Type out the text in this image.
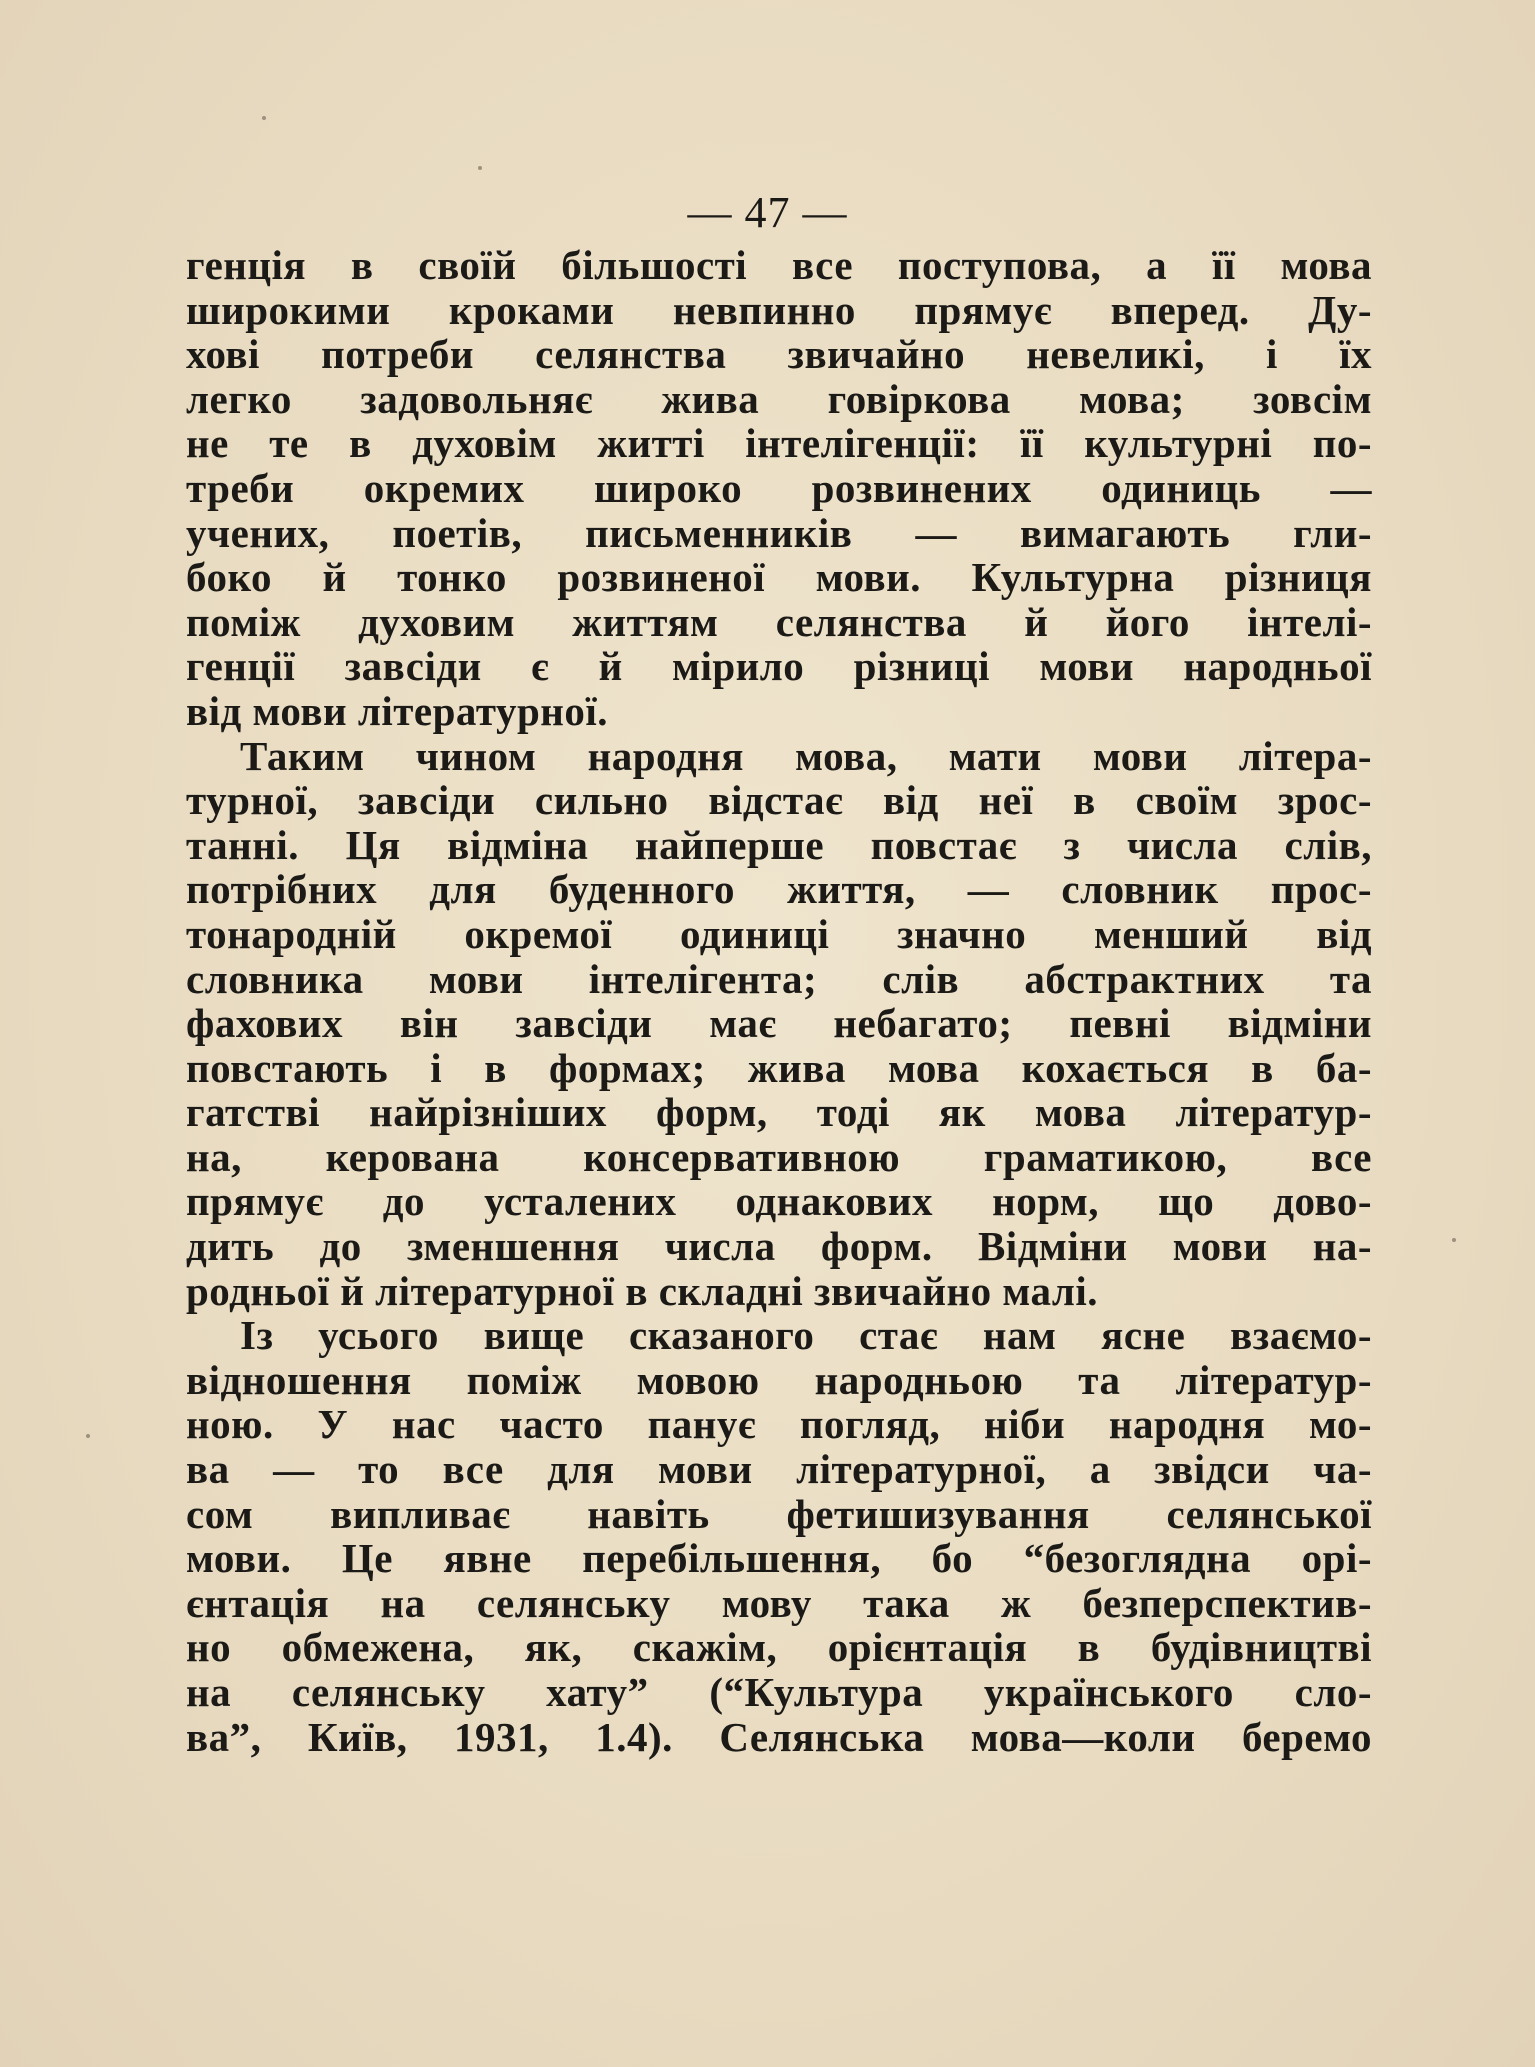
— 47 —
генція в своїй більшості все поступова, а її мова
широкими кроками невпинно прямує вперед. Ду-
хові потреби селянства звичайно невеликі, і їх
легко задовольняє жива говіркова мова; зовсім
не те в духовім житті інтелігенції: її культурні по-
треби окремих широко розвинених одиниць —
учених, поетів, письменників — вимагають гли-
боко й тонко розвиненої мови. Культурна різниця
поміж духовим життям селянства й його інтелі-
генції завсіди є й мірило різниці мови народньої
від мови літературної.
Таким чином народня мова, мати мови літера-
турної, завсіди сильно відстає від неї в своїм зрос-
танні. Ця відміна найперше повстає з числа слів,
потрібних для буденного життя, — словник прос-
тонародній окремої одиниці значно менший від
словника мови інтелігента; слів абстрактних та
фахових він завсіди має небагато; певні відміни
повстають і в формах; жива мова кохається в ба-
гатстві найрізніших форм, тоді як мова літератур-
на, керована консервативною граматикою, все
прямує до усталених однакових норм, що дово-
дить до зменшення числа форм. Відміни мови на-
родньої й літературної в складні звичайно малі.
Із усього вище сказаного стає нам ясне взаємо-
відношення поміж мовою народньою та літератур-
ною. У нас часто панує погляд, ніби народня мо-
ва — то все для мови літературної, а звідси ча-
сом випливає навіть фетишизування селянської
мови. Це явне перебільшення, бо “безоглядна орі-
єнтація на селянську мову така ж безперспектив-
но обмежена, як, скажім, орієнтація в будівництві
на селянську хату” (“Культура українського сло-
ва”, Київ, 1931, 1.4). Селянська мова—коли беремо
